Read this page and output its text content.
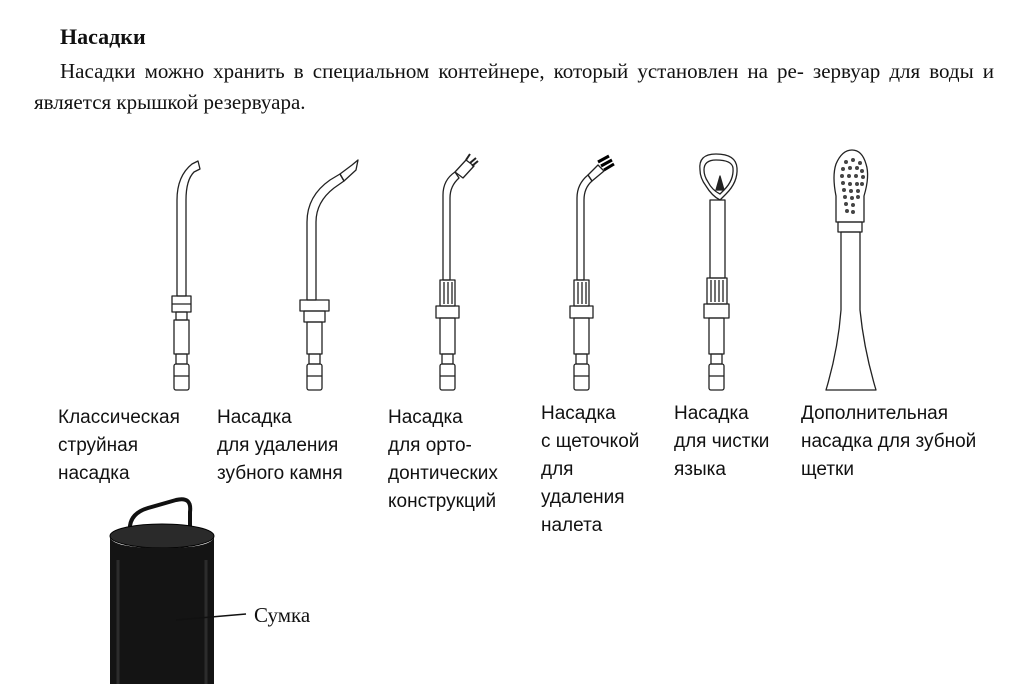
Насадки
Насадки можно хранить в специальном контейнере, который установлен на ре- зервуар для воды и является крышкой резервуара.
Классическая
струйная
насадка
Насадка
для удаления
зубного камня
Насадка
для орто-
донтических
конструкций
Насадка
с щеточкой
для
удаления
налета
Насадка
для чистки
языка
Дополнительная
насадка для зубной
щетки
Сумка
